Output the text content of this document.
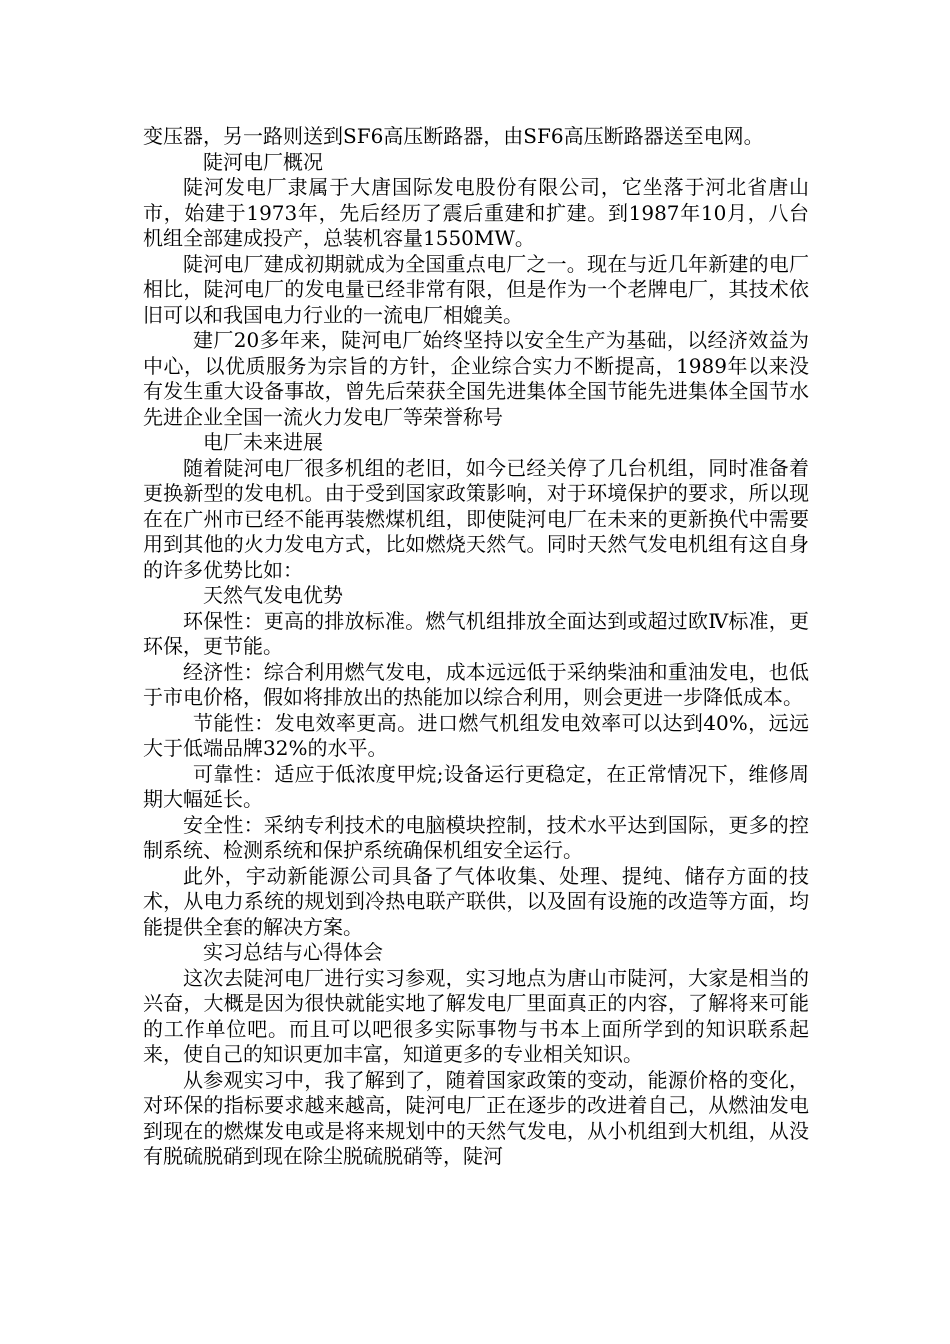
变压器，另一路则送到SF6高压断路器，由SF6高压断路器送至电网。

陡河电厂概况

陡河发电厂隶属于大唐国际发电股份有限公司，它坐落于河北省唐山市，始建于1973年，先后经历了震后重建和扩建。到1987年10月，八台机组全部建成投产，总装机容量1550MW。

陡河电厂建成初期就成为全国重点电厂之一。现在与近几年新建的电厂相比，陡河电厂的发电量已经非常有限，但是作为一个老牌电厂，其技术依旧可以和我国电力行业的一流电厂相媲美。

建厂20多年来，陡河电厂始终坚持以安全生产为基础，以经济效益为中心，以优质服务为宗旨的方针，企业综合实力不断提高，1989年以来没有发生重大设备事故，曾先后荣获全国先进集体全国节能先进集体全国节水先进企业全国一流火力发电厂等荣誉称号

电厂未来进展

随着陡河电厂很多机组的老旧，如今已经关停了几台机组，同时准备着更换新型的发电机。由于受到国家政策影响，对于环境保护的要求，所以现在在广州市已经不能再装燃煤机组，即使陡河电厂在未来的更新换代中需要用到其他的火力发电方式，比如燃烧天然气。同时天然气发电机组有这自身的许多优势比如：

天然气发电优势

环保性：更高的排放标准。燃气机组排放全面达到或超过欧Ⅳ标准，更环保，更节能。

经济性：综合利用燃气发电，成本远远低于采纳柴油和重油发电，也低于市电价格，假如将排放出的热能加以综合利用，则会更进一步降低成本。

节能性：发电效率更高。进口燃气机组发电效率可以达到40%，远远大于低端品牌32%的水平。

可靠性：适应于低浓度甲烷;设备运行更稳定，在正常情况下，维修周期大幅延长。

安全性：采纳专利技术的电脑模块控制，技术水平达到国际，更多的控制系统、检测系统和保护系统确保机组安全运行。

此外，宇动新能源公司具备了气体收集、处理、提纯、储存方面的技术，从电力系统的规划到冷热电联产联供，以及固有设施的改造等方面，均能提供全套的解决方案。

实习总结与心得体会

这次去陡河电厂进行实习参观，实习地点为唐山市陡河，大家是相当的兴奋，大概是因为很快就能实地了解发电厂里面真正的内容，了解将来可能的工作单位吧。而且可以吧很多实际事物与书本上面所学到的知识联系起来，使自己的知识更加丰富，知道更多的专业相关知识。

从参观实习中，我了解到了，随着国家政策的变动，能源价格的变化，对环保的指标要求越来越高，陡河电厂正在逐步的改进着自己，从燃油发电到现在的燃煤发电或是将来规划中的天然气发电，从小机组到大机组，从没有脱硫脱硝到现在除尘脱硫脱硝等，陡河
